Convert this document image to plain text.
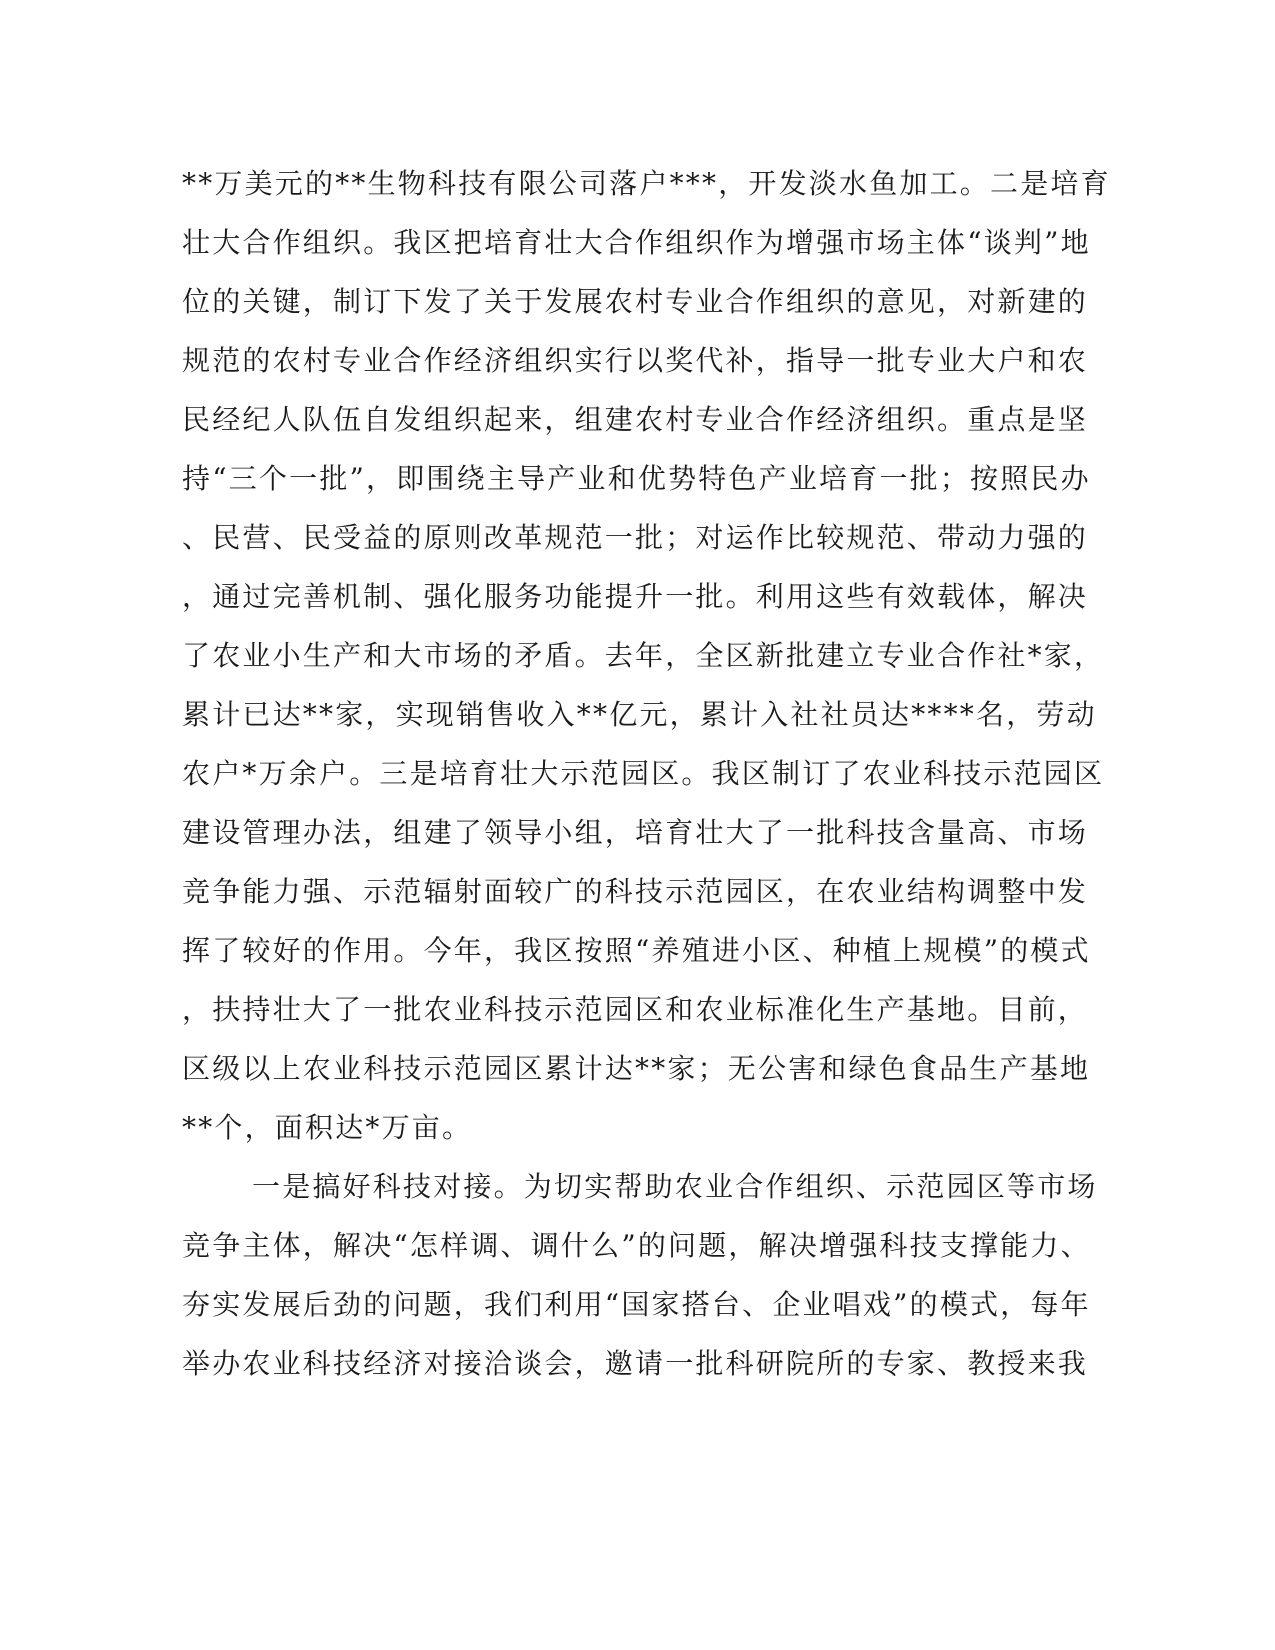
**万美元的**生物科技有限公司落户***，开发淡水鱼加工。二是培育
壮大合作组织。我区把培育壮大合作组织作为增强市场主体“谈判”地
位的关键，制订下发了关于发展农村专业合作组织的意见，对新建的
规范的农村专业合作经济组织实行以奖代补，指导一批专业大户和农
民经纪人队伍自发组织起来，组建农村专业合作经济组织。重点是坚
持“三个一批”，即围绕主导产业和优势特色产业培育一批；按照民办
、民营、民受益的原则改革规范一批；对运作比较规范、带动力强的
，通过完善机制、强化服务功能提升一批。利用这些有效载体，解决
了农业小生产和大市场的矛盾。去年，全区新批建立专业合作社*家，
累计已达**家，实现销售收入**亿元，累计入社社员达****名，劳动
农户*万余户。三是培育壮大示范园区。我区制订了农业科技示范园区
建设管理办法，组建了领导小组，培育壮大了一批科技含量高、市场
竞争能力强、示范辐射面较广的科技示范园区，在农业结构调整中发
挥了较好的作用。今年，我区按照“养殖进小区、种植上规模”的模式
，扶持壮大了一批农业科技示范园区和农业标准化生产基地。目前，
区级以上农业科技示范园区累计达**家；无公害和绿色食品生产基地
**个，面积达*万亩。
一是搞好科技对接。为切实帮助农业合作组织、示范园区等市场
竞争主体，解决“怎样调、调什么”的问题，解决增强科技支撑能力、
夯实发展后劲的问题，我们利用“国家搭台、企业唱戏”的模式，每年
举办农业科技经济对接洽谈会，邀请一批科研院所的专家、教授来我
